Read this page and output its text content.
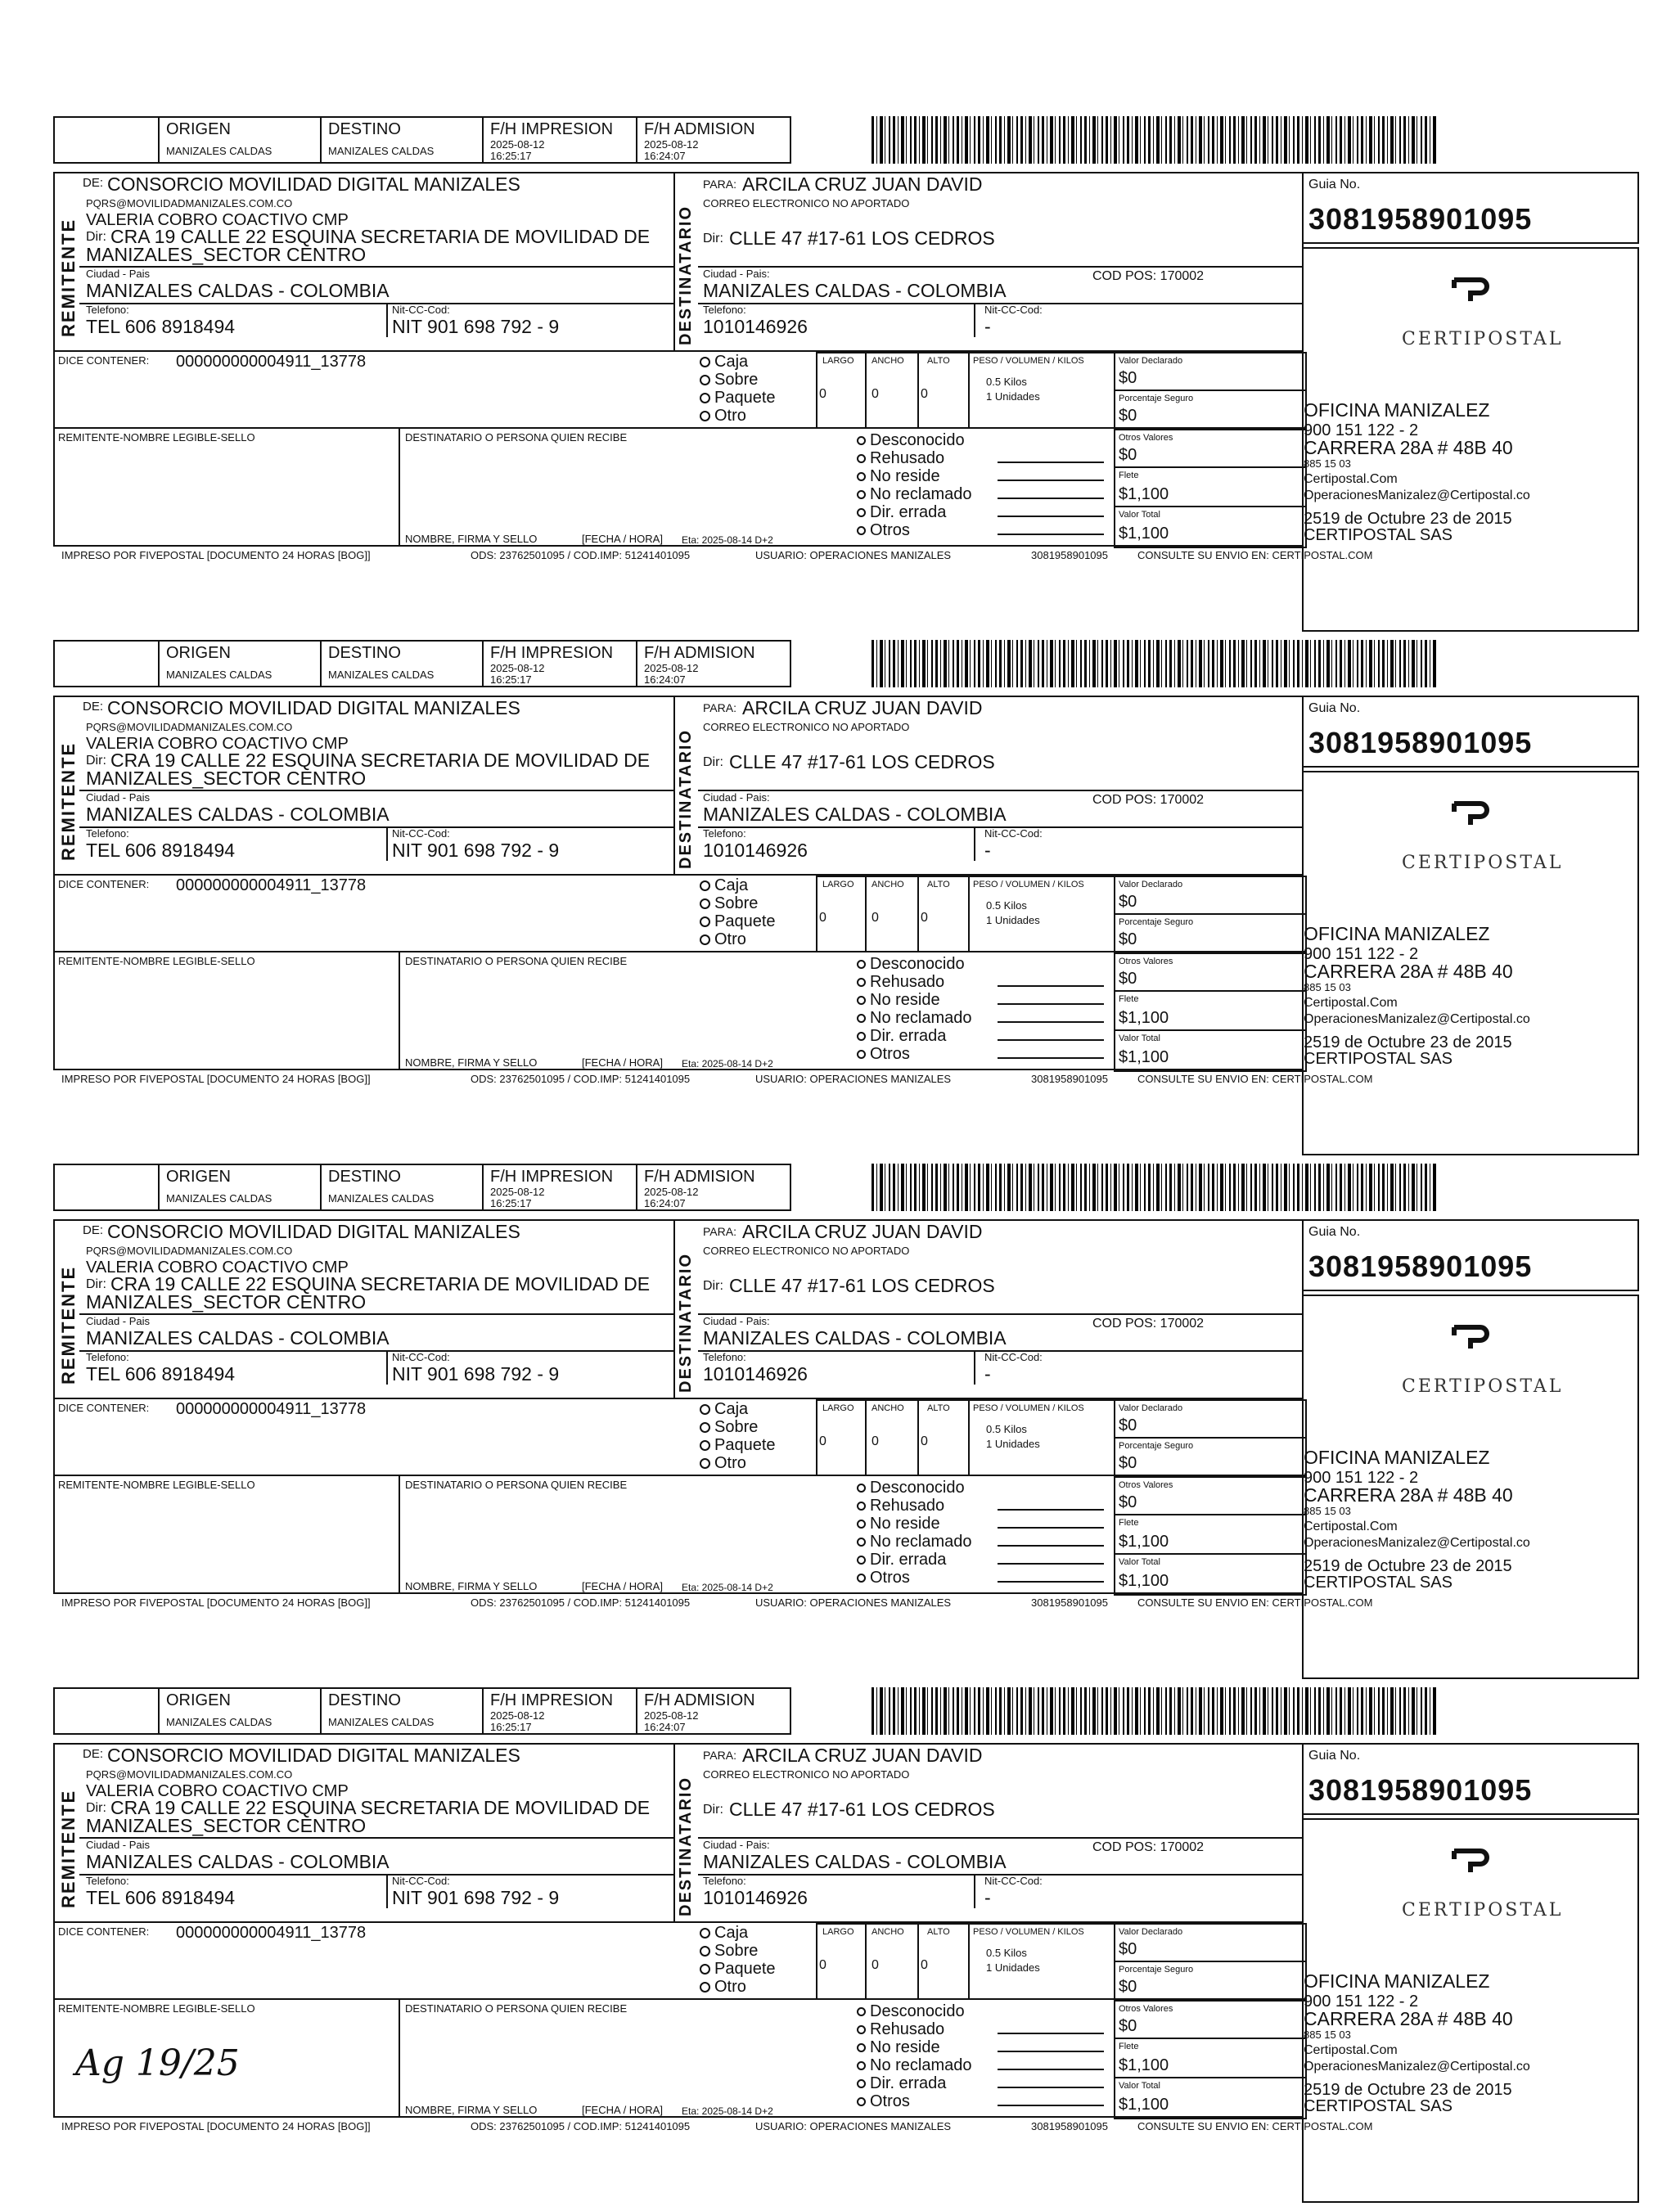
ORIGEN
MANIZALES CALDAS
DESTINO
MANIZALES CALDAS
F/H IMPRESION
2025-08-12
16:25:17
F/H ADMISION
2025-08-12
16:24:07
REMITENTE
DE: CONSORCIO MOVILIDAD DIGITAL MANIZALES
PQRS@MOVILIDADMANIZALES.COM.CO
VALERIA COBRO COACTIVO CMP
Dir: CRA 19 CALLE 22 ESQUINA SECRETARIA DE MOVILIDAD DE
MANIZALES_SECTOR CENTRO
Ciudad - Pais
MANIZALES CALDAS - COLOMBIA
Telefono:
TEL 606 8918494
Nit-CC-Cod:
NIT 901 698 792 - 9	DESTINATARIO
PARA: ARCILA CRUZ JUAN DAVID
CORREO ELECTRONICO NO APORTADO
Dir: CLLE 47 #17-61 LOS CEDROS
Ciudad - Pais:
MANIZALES CALDAS - COLOMBIA
COD POS: 170002
Telefono:
1010146926
Nit-CC-Cod:
-
Guia No.
3081958901095
CERTIPOSTAL
OFICINA MANIZALEZ
900 151 122 - 2
CARRERA 28A # 48B 40
885 15 03
Certipostal.Com
OperacionesManizalez@Certipostal.co
2519 de Octubre 23 de 2015
CERTIPOSTAL SAS
DICE CONTENER: 000000000004911_13778	Caja
Sobre
Paquete
Otro
LARGO
0
ANCHO
0
ALTO
0
PESO / VOLUMEN / KILOS
0.5 Kilos
1 Unidades
Valor Declarado
$0
Porcentaje Seguro
$0
REMITENTE-NOMBRE LEGIBLE-SELLO	DESTINATARIO O PERSONA QUIEN RECIBE
NOMBRE, FIRMA Y SELLO	[FECHA / HORA] Eta: 2025-08-14 D+2
Desconocido
Rehusado
No reside
No reclamado
Dir. errada
Otros
Otros Valores
$0
Flete
$1,100
Valor Total
$1,100
IMPRESO POR FIVEPOSTAL [DOCUMENTO 24 HORAS [BOG]]	ODS: 23762501095 / COD.IMP: 51241401095	USUARIO: OPERACIONES MANIZALES	3081958901095	CONSULTE SU ENVIO EN: CERTIPOSTAL.COM
ORIGEN
MANIZALES CALDAS
DESTINO
MANIZALES CALDAS
F/H IMPRESION
2025-08-12
16:25:17
F/H ADMISION
2025-08-12
16:24:07
REMITENTE
DE: CONSORCIO MOVILIDAD DIGITAL MANIZALES
PQRS@MOVILIDADMANIZALES.COM.CO
VALERIA COBRO COACTIVO CMP
Dir: CRA 19 CALLE 22 ESQUINA SECRETARIA DE MOVILIDAD DE
MANIZALES_SECTOR CENTRO
Ciudad - Pais
MANIZALES CALDAS - COLOMBIA
Telefono:
TEL 606 8918494
Nit-CC-Cod:
NIT 901 698 792 - 9	DESTINATARIO
PARA: ARCILA CRUZ JUAN DAVID
CORREO ELECTRONICO NO APORTADO
Dir: CLLE 47 #17-61 LOS CEDROS
Ciudad - Pais:
MANIZALES CALDAS - COLOMBIA
COD POS: 170002
Telefono:
1010146926
Nit-CC-Cod:
-
Guia No.
3081958901095
CERTIPOSTAL
OFICINA MANIZALEZ
900 151 122 - 2
CARRERA 28A # 48B 40
885 15 03
Certipostal.Com
OperacionesManizalez@Certipostal.co
2519 de Octubre 23 de 2015
CERTIPOSTAL SAS
DICE CONTENER: 000000000004911_13778	Caja
Sobre
Paquete
Otro
LARGO
0
ANCHO
0
ALTO
0
PESO / VOLUMEN / KILOS
0.5 Kilos
1 Unidades
Valor Declarado
$0
Porcentaje Seguro
$0
REMITENTE-NOMBRE LEGIBLE-SELLO	DESTINATARIO O PERSONA QUIEN RECIBE
NOMBRE, FIRMA Y SELLO	[FECHA / HORA] Eta: 2025-08-14 D+2
Desconocido
Rehusado
No reside
No reclamado
Dir. errada
Otros
Otros Valores
$0
Flete
$1,100
Valor Total
$1,100
IMPRESO POR FIVEPOSTAL [DOCUMENTO 24 HORAS [BOG]]	ODS: 23762501095 / COD.IMP: 51241401095	USUARIO: OPERACIONES MANIZALES	3081958901095	CONSULTE SU ENVIO EN: CERTIPOSTAL.COM
ORIGEN
MANIZALES CALDAS
DESTINO
MANIZALES CALDAS
F/H IMPRESION
2025-08-12
16:25:17
F/H ADMISION
2025-08-12
16:24:07
REMITENTE
DE: CONSORCIO MOVILIDAD DIGITAL MANIZALES
PQRS@MOVILIDADMANIZALES.COM.CO
VALERIA COBRO COACTIVO CMP
Dir: CRA 19 CALLE 22 ESQUINA SECRETARIA DE MOVILIDAD DE
MANIZALES_SECTOR CENTRO
Ciudad - Pais
MANIZALES CALDAS - COLOMBIA
Telefono:
TEL 606 8918494
Nit-CC-Cod:
NIT 901 698 792 - 9	DESTINATARIO
PARA: ARCILA CRUZ JUAN DAVID
CORREO ELECTRONICO NO APORTADO
Dir: CLLE 47 #17-61 LOS CEDROS
Ciudad - Pais:
MANIZALES CALDAS - COLOMBIA
COD POS: 170002
Telefono:
1010146926
Nit-CC-Cod:
-
Guia No.
3081958901095
CERTIPOSTAL
OFICINA MANIZALEZ
900 151 122 - 2
CARRERA 28A # 48B 40
885 15 03
Certipostal.Com
OperacionesManizalez@Certipostal.co
2519 de Octubre 23 de 2015
CERTIPOSTAL SAS
DICE CONTENER: 000000000004911_13778	Caja
Sobre
Paquete
Otro
LARGO
0
ANCHO
0
ALTO
0
PESO / VOLUMEN / KILOS
0.5 Kilos
1 Unidades
Valor Declarado
$0
Porcentaje Seguro
$0
REMITENTE-NOMBRE LEGIBLE-SELLO	DESTINATARIO O PERSONA QUIEN RECIBE
NOMBRE, FIRMA Y SELLO	[FECHA / HORA] Eta: 2025-08-14 D+2
Desconocido
Rehusado
No reside
No reclamado
Dir. errada
Otros
Otros Valores
$0
Flete
$1,100
Valor Total
$1,100
IMPRESO POR FIVEPOSTAL [DOCUMENTO 24 HORAS [BOG]]	ODS: 23762501095 / COD.IMP: 51241401095	USUARIO: OPERACIONES MANIZALES	3081958901095	CONSULTE SU ENVIO EN: CERTIPOSTAL.COM
ORIGEN
MANIZALES CALDAS
DESTINO
MANIZALES CALDAS
F/H IMPRESION
2025-08-12
16:25:17
F/H ADMISION
2025-08-12
16:24:07
REMITENTE
DE: CONSORCIO MOVILIDAD DIGITAL MANIZALES
PQRS@MOVILIDADMANIZALES.COM.CO
VALERIA COBRO COACTIVO CMP
Dir: CRA 19 CALLE 22 ESQUINA SECRETARIA DE MOVILIDAD DE
MANIZALES_SECTOR CENTRO
Ciudad - Pais
MANIZALES CALDAS - COLOMBIA
Telefono:
TEL 606 8918494
Nit-CC-Cod:
NIT 901 698 792 - 9	DESTINATARIO
PARA: ARCILA CRUZ JUAN DAVID
CORREO ELECTRONICO NO APORTADO
Dir: CLLE 47 #17-61 LOS CEDROS
Ciudad - Pais:
MANIZALES CALDAS - COLOMBIA
COD POS: 170002
Telefono:
1010146926
Nit-CC-Cod:
-
Guia No.
3081958901095
CERTIPOSTAL
OFICINA MANIZALEZ
900 151 122 - 2
CARRERA 28A # 48B 40
885 15 03
Certipostal.Com
OperacionesManizalez@Certipostal.co
2519 de Octubre 23 de 2015
CERTIPOSTAL SAS
DICE CONTENER: 000000000004911_13778	Caja
Sobre
Paquete
Otro
LARGO
0
ANCHO
0
ALTO
0
PESO / VOLUMEN / KILOS
0.5 Kilos
1 Unidades
Valor Declarado
$0
Porcentaje Seguro
$0
REMITENTE-NOMBRE LEGIBLE-SELLO	DESTINATARIO O PERSONA QUIEN RECIBE
NOMBRE, FIRMA Y SELLO	[FECHA / HORA] Eta: 2025-08-14 D+2
Desconocido
Rehusado
No reside
No reclamado
Dir. errada
Otros
Otros Valores
$0
Flete
$1,100
Valor Total
$1,100
IMPRESO POR FIVEPOSTAL [DOCUMENTO 24 HORAS [BOG]]	ODS: 23762501095 / COD.IMP: 51241401095	USUARIO: OPERACIONES MANIZALES	3081958901095	CONSULTE SU ENVIO EN: CERTIPOSTAL.COM
Ag 19/25
